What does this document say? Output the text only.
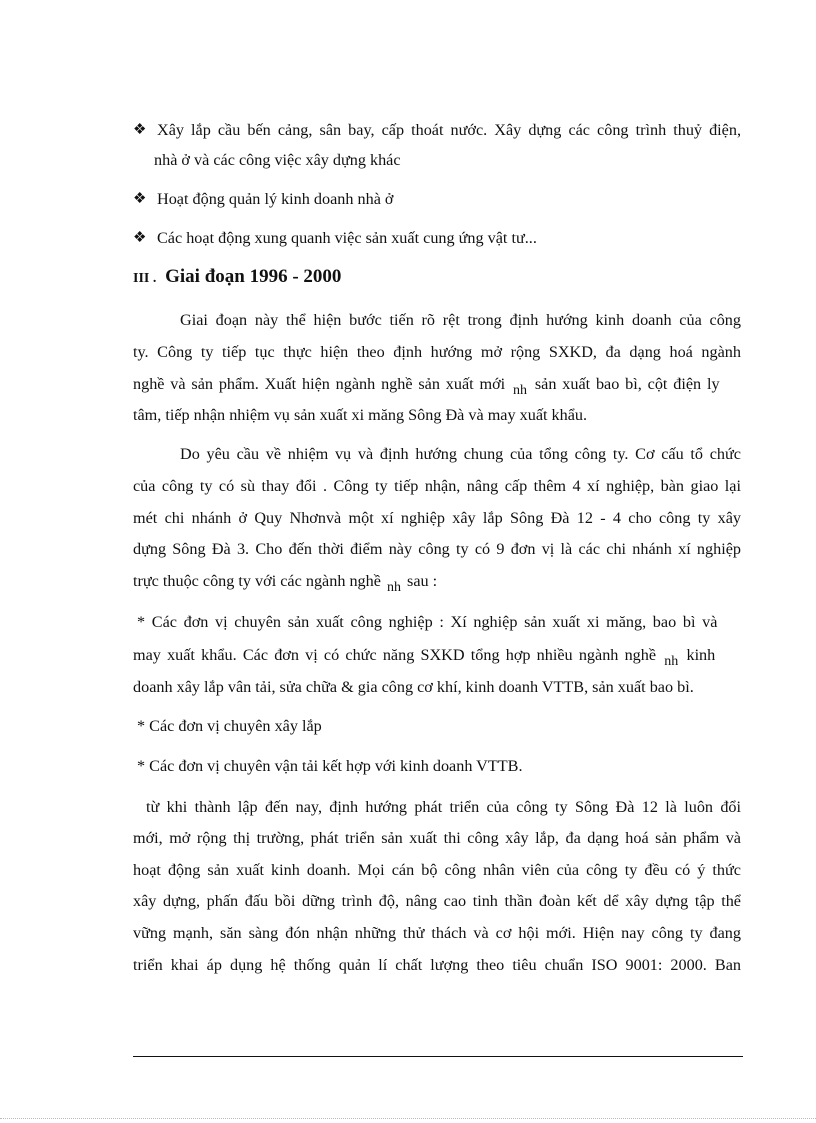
❖ Xây lắp cầu bến cảng, sân bay, cấp thoát nước. Xây dựng các công trình thuỷ điện,
nhà ở và các công việc xây dựng khác
❖ Hoạt động quản lý kinh doanh nhà ở
❖ Các hoạt động xung quanh việc sản xuất cung ứng vật tư...
III . Giai đoạn 1996 - 2000
Giai đoạn này thể hiện bước tiến rõ rệt trong định hướng kinh doanh của công
ty. Công ty tiếp tục thực hiện theo định hướng mở rộng SXKD, đa dạng hoá ngành
nghề và sản phẩm. Xuất hiện ngành nghề sản xuất mới nh sản xuất bao bì, cột điện ly
tâm, tiếp nhận nhiệm vụ sản xuất xi măng Sông Đà và may xuất khẩu.
Do yêu cầu về nhiệm vụ và định hướng chung của tổng công ty. Cơ cấu tổ chức
của công ty có sù thay đổi . Công ty tiếp nhận, nâng cấp thêm 4 xí nghiệp, bàn giao lại
mét chi nhánh ở Quy Nhơnvà một xí nghiệp xây lắp Sông Đà 12 - 4 cho công ty xây
dựng Sông Đà 3. Cho đến thời điểm này công ty có 9 đơn vị là các chi nhánh xí nghiệp
trực thuộc công ty với các ngành nghề nh sau :
* Các đơn vị chuyên sản xuất công nghiệp : Xí nghiệp sản xuất xi măng, bao bì và
may xuất khẩu. Các đơn vị có chức năng SXKD tổng hợp nhiều ngành nghề nh kinh
doanh xây lắp vân tải, sửa chữa & gia công cơ khí, kinh doanh VTTB, sản xuất bao bì.
* Các đơn vị chuyên xây lắp
* Các đơn vị chuyên vận tải kết hợp với kinh doanh VTTB.
từ khi thành lập đến nay, định hướng phát triển của công ty Sông Đà 12 là luôn đổi
mới, mở rộng thị trường, phát triển sản xuất thi công xây lắp, đa dạng hoá sản phẩm và
hoạt động sản xuất kinh doanh. Mọi cán bộ công nhân viên của công ty đều có ý thức
xây dựng, phấn đấu bồi dững trình độ, nâng cao tinh thần đoàn kết dể xây dựng tập thể
vững mạnh, săn sàng đón nhận những thử thách và cơ hội mới. Hiện nay công ty đang
triển khai áp dụng hệ thống quản lí chất lượng theo tiêu chuẩn ISO 9001: 2000. Ban
